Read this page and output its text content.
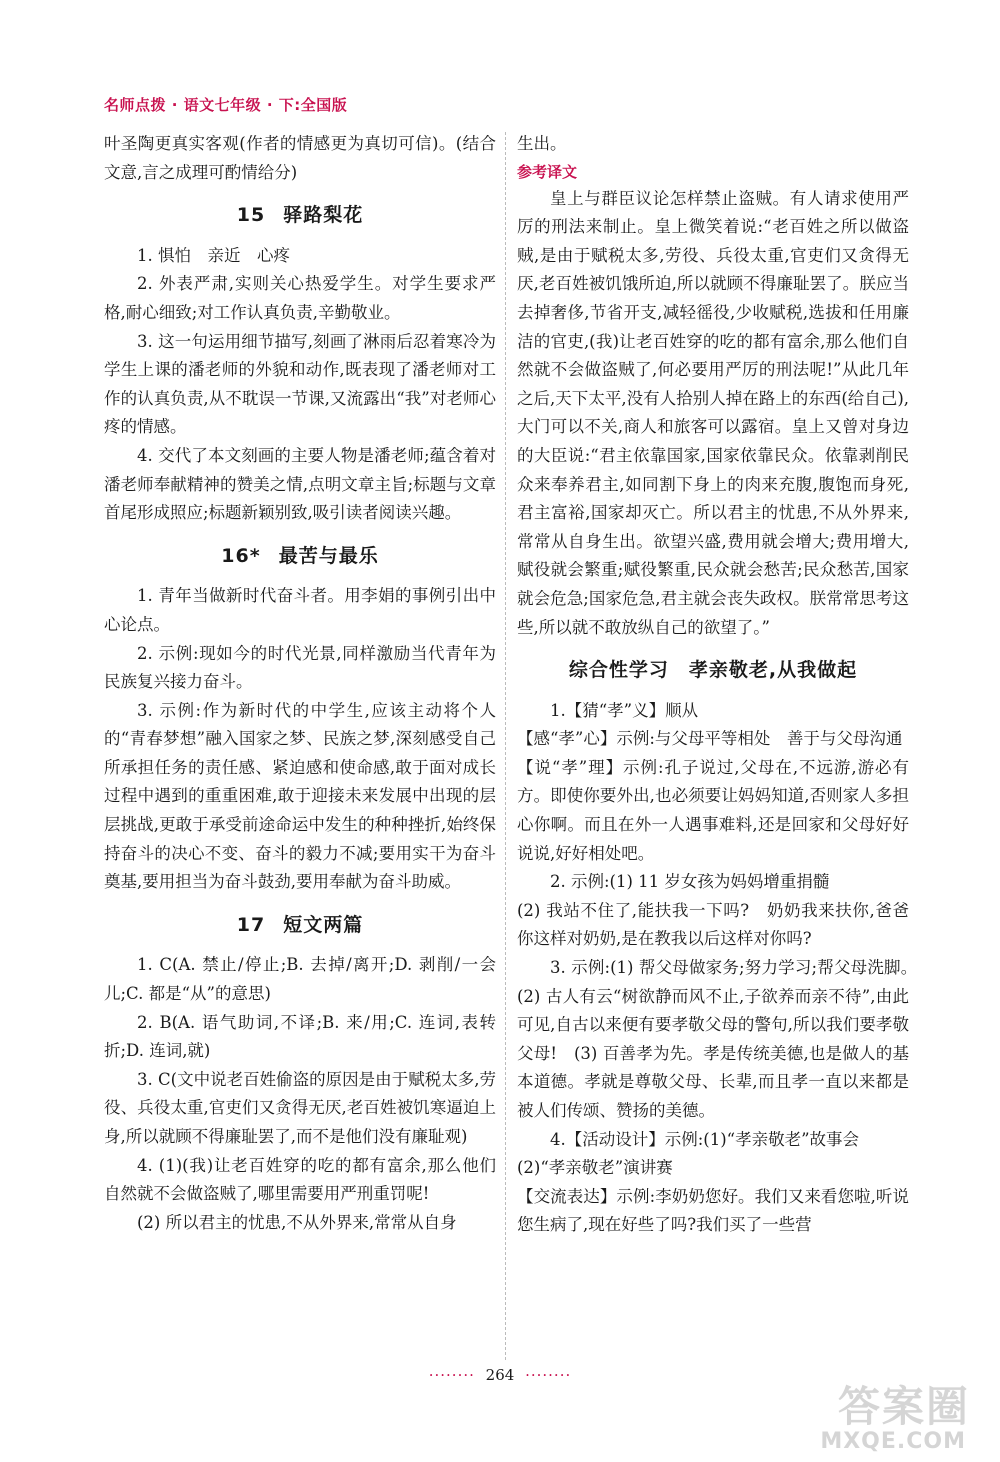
名师点拨 · 语文七年级 · 下:全国版

叶圣陶更真实客观(作者的情感更为真切可信)。(结合文意,言之成理可酌情给分)

15 驿路梨花

1. 惧怕　亲近　心疼

2. 外表严肃,实则关心热爱学生。对学生要求严格,耐心细致;对工作认真负责,辛勤敬业。

3. 这一句运用细节描写,刻画了淋雨后忍着寒冷为学生上课的潘老师的外貌和动作,既表现了潘老师对工作的认真负责,从不耽误一节课,又流露出“我”对老师心疼的情感。

4. 交代了本文刻画的主要人物是潘老师;蕴含着对潘老师奉献精神的赞美之情,点明文章主旨;标题与文章首尾形成照应;标题新颖别致,吸引读者阅读兴趣。

16* 最苦与最乐

1. 青年当做新时代奋斗者。用李娟的事例引出中心论点。

2. 示例:现如今的时代光景,同样激励当代青年为民族复兴接力奋斗。

3. 示例:作为新时代的中学生,应该主动将个人的“青春梦想”融入国家之梦、民族之梦,深刻感受自己所承担任务的责任感、紧迫感和使命感,敢于面对成长过程中遇到的重重困难,敢于迎接未来发展中出现的层层挑战,更敢于承受前途命运中发生的种种挫折,始终保持奋斗的决心不变、奋斗的毅力不减;要用实干为奋斗奠基,要用担当为奋斗鼓劲,要用奉献为奋斗助威。

17 短文两篇

1. C(A. 禁止/停止;B. 去掉/离开;D. 剥削/一会儿;C. 都是“从”的意思)

2. B(A. 语气助词,不译;B. 来/用;C. 连词,表转折;D. 连词,就)

3. C(文中说老百姓偷盗的原因是由于赋税太多,劳役、兵役太重,官吏们又贪得无厌,老百姓被饥寒逼迫上身,所以就顾不得廉耻罢了,而不是他们没有廉耻观)

4. (1)(我)让老百姓穿的吃的都有富余,那么他们自然就不会做盗贼了,哪里需要用严刑重罚呢!

(2) 所以君主的忧患,不从外界来,常常从自身

生出。

参考译文

皇上与群臣议论怎样禁止盗贼。有人请求使用严厉的刑法来制止。皇上微笑着说:“老百姓之所以做盗贼,是由于赋税太多,劳役、兵役太重,官吏们又贪得无厌,老百姓被饥饿所迫,所以就顾不得廉耻罢了。朕应当去掉奢侈,节省开支,减轻徭役,少收赋税,选拔和任用廉洁的官吏,(我)让老百姓穿的吃的都有富余,那么他们自然就不会做盗贼了,何必要用严厉的刑法呢!”从此几年之后,天下太平,没有人拾别人掉在路上的东西(给自己),大门可以不关,商人和旅客可以露宿。皇上又曾对身边的大臣说:“君主依靠国家,国家依靠民众。依靠剥削民众来奉养君主,如同割下身上的肉来充腹,腹饱而身死,君主富裕,国家却灭亡。所以君主的忧患,不从外界来,常常从自身生出。欲望兴盛,费用就会增大;费用增大,赋役就会繁重;赋役繁重,民众就会愁苦;民众愁苦,国家就会危急;国家危急,君主就会丧失政权。朕常常思考这些,所以就不敢放纵自己的欲望了。”

综合性学习　孝亲敬老,从我做起

1.【猜“孝”义】顺从

【感“孝”心】示例:与父母平等相处　善于与父母沟通

【说“孝”理】示例:孔子说过,父母在,不远游,游必有方。即使你要外出,也必须要让妈妈知道,否则家人多担心你啊。而且在外一人遇事难料,还是回家和父母好好说说,好好相处吧。

2. 示例:(1) 11 岁女孩为妈妈增重捐髓

(2) 我站不住了,能扶我一下吗?　奶奶我来扶你,爸爸你这样对奶奶,是在教我以后这样对你吗?

3. 示例:(1) 帮父母做家务;努力学习;帮父母洗脚。　(2) 古人有云“树欲静而风不止,子欲养而亲不待”,由此可见,自古以来便有要孝敬父母的警句,所以我们要孝敬父母!　(3) 百善孝为先。孝是传统美德,也是做人的基本道德。孝就是尊敬父母、长辈,而且孝一直以来都是被人们传颂、赞扬的美德。

4.【活动设计】示例:(1)“孝亲敬老”故事会

(2)“孝亲敬老”演讲赛

【交流表达】示例:李奶奶您好。我们又来看您啦,听说您生病了,现在好些了吗?我们买了一些营

········ 264 ········
答案圈
MXQE.COM
